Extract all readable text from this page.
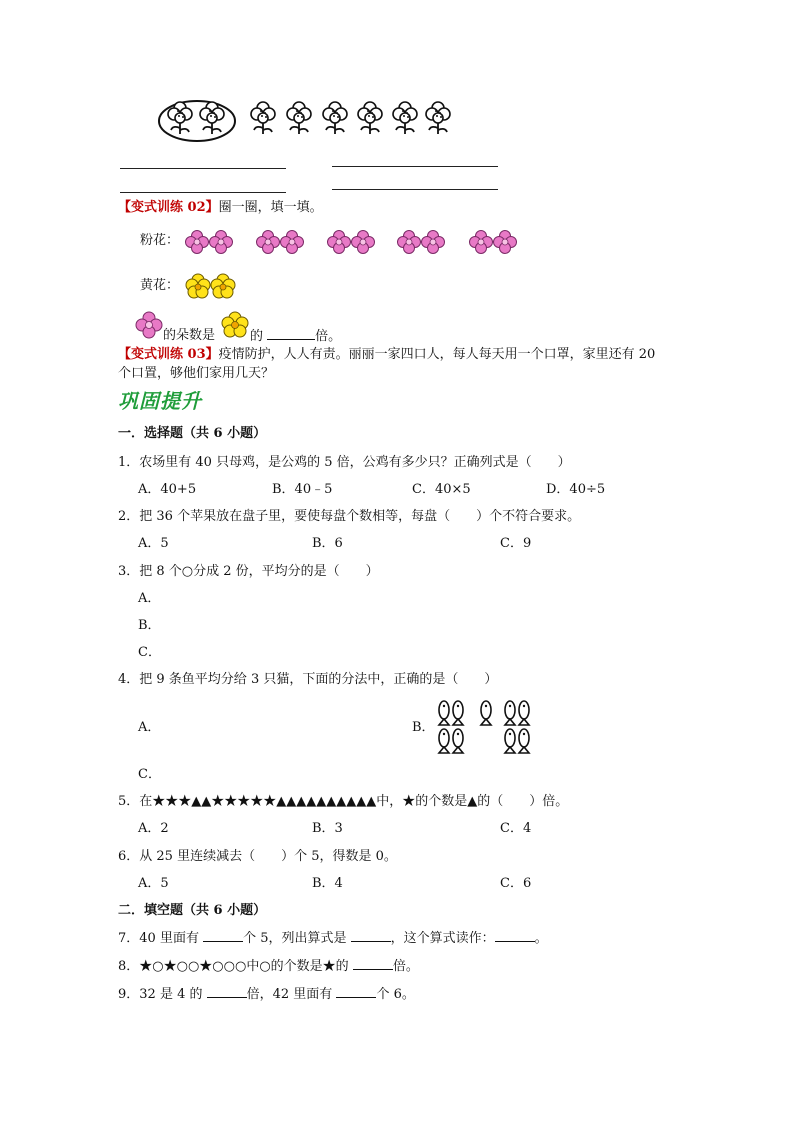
【变式训练 02】圈一圈，填一填。
粉花：
黄花：
的朵数是	的	倍。
【变式训练 03】疫情防护，人人有责。丽丽一家四口人，每人每天用一个口罩，家里还有 20
个口置，够他们家用几天？
巩固提升
一．选择题（共 6 小题）
1．农场里有 40 只母鸡，是公鸡的 5 倍，公鸡有多少只？正确列式是（　　）
A．40+5	B．40﹣5	C．40×5	D．40÷5
2．把 36 个苹果放在盘子里，要使每盘个数相等，每盘（　　）个不符合要求。
A．5	B．6	C．9
3．把 8 个○分成 2 份，平均分的是（　　）
A．
B．
C．
4．把 9 条鱼平均分给 3 只猫，下面的分法中，正确的是（　　）
A．	B．
C．
5．在★★★▲▲★★★★★▲▲▲▲▲▲▲▲▲▲中，★的个数是▲的（　　）倍。
A．2	B．3	C．4
6．从 25 里连续减去（　　）个 5，得数是 0。
A．5	B．4	C．6
二．填空题（共 6 小题）
7．40 里面有	个 5，列出算式是	，这个算式读作：	。
8．★○★○○★○○○中○的个数是★的	倍。
9．32 是 4 的	倍，42 里面有	个 6。
